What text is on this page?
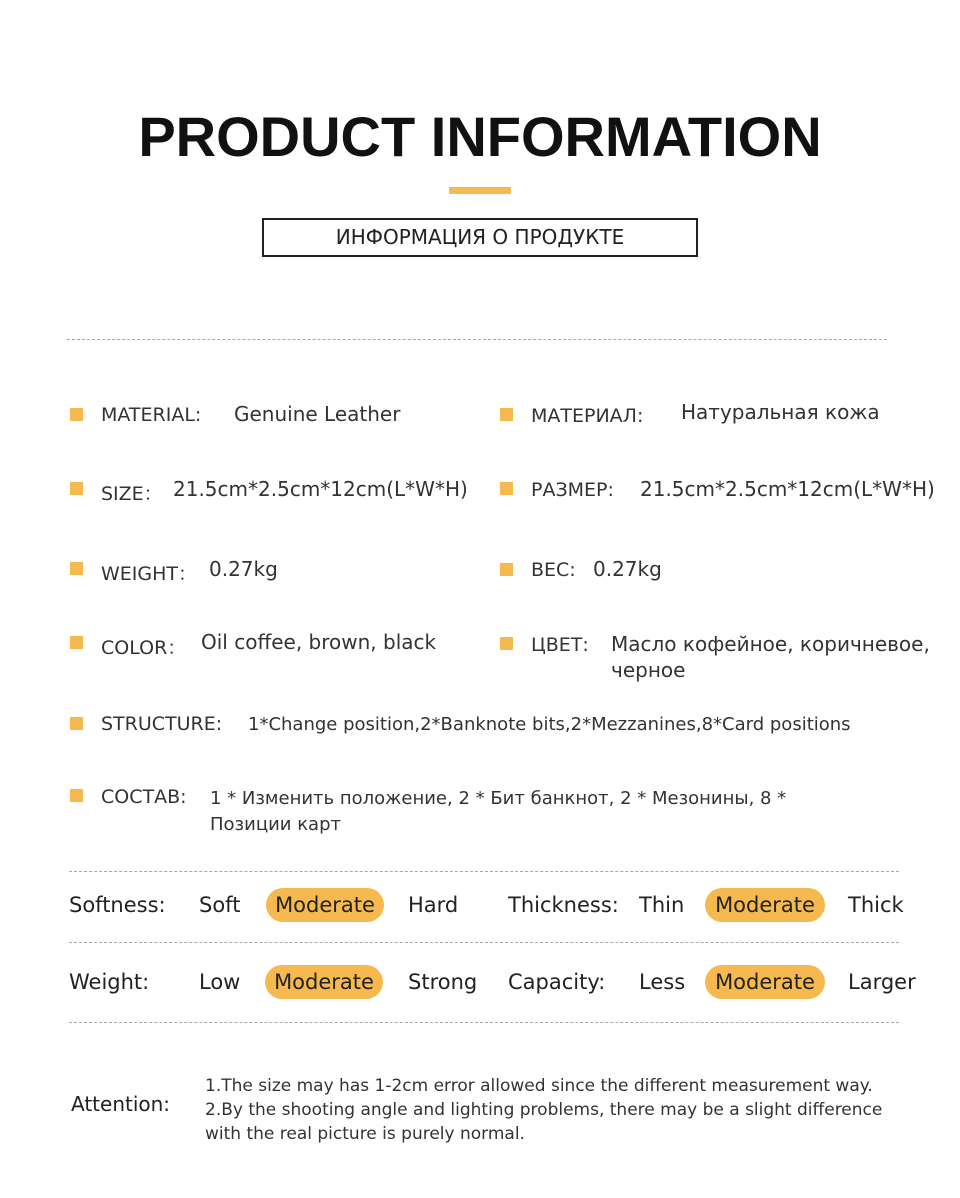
PRODUCT INFORMATION
ИНФОРМАЦИЯ О ПРОДУКТЕ
MATERIAL: Genuine Leather
SIZE： 21.5cm*2.5cm*12cm(L*W*H)
WEIGHT： 0.27kg
COLOR： Oil coffee, brown, black
МАТЕРИАЛ: Натуральная кожа
РАЗМЕР: 21.5cm*2.5cm*12cm(L*W*H)
ВЕС: 0.27kg
ЦВЕТ: Масло кофейное, коричневое, черное
STRUCTURE: 1*Change position,2*Banknote bits,2*Mezzanines,8*Card positions
СОСТАВ: 1 * Изменить положение, 2 * Бит банкнот, 2 * Мезонины, 8 * Позиции карт
Softness: Soft	Moderate	Hard Thickness: Thin	Moderate	Thick
Weight: Low	Moderate	Strong Capacity: Less	Moderate	Larger
Attention:
1.The size may has 1-2cm error allowed since the different measurement way.
2.By the shooting angle and lighting problems, there may be a slight difference with the real picture is purely normal.
